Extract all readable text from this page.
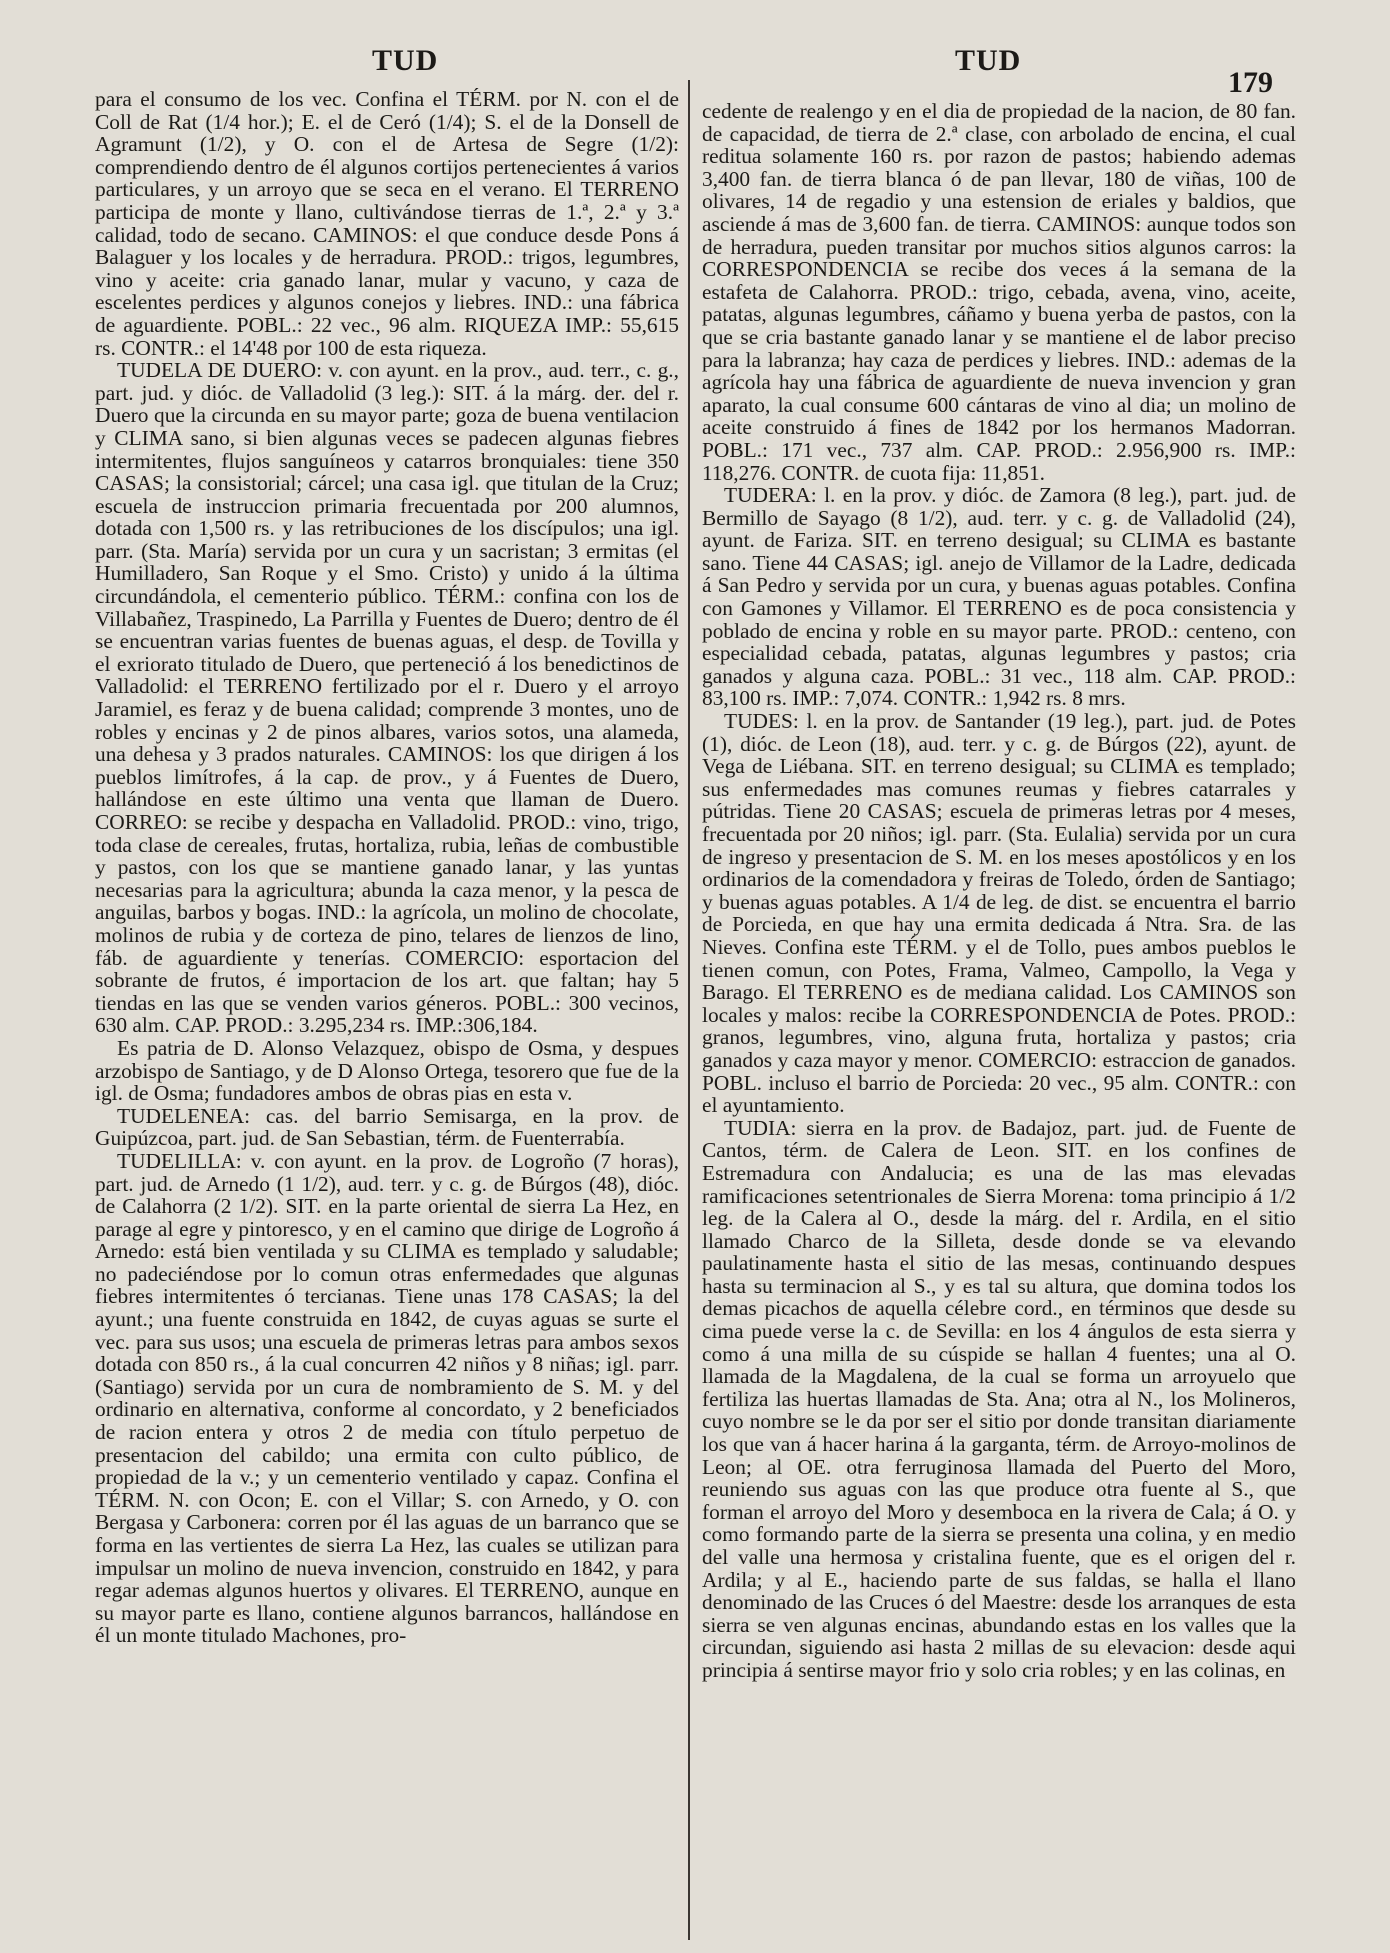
TUD	TUD
179

para el consumo de los vec. Confina el TÉRM. por N. con el de Coll de Rat (1/4 hor.); E. el de Ceró (1/4); S. el de la Donsell de Agramunt (1/2), y O. con el de Artesa de Segre (1/2): comprendiendo dentro de él algunos cortijos pertenecientes á varios particulares, y un arroyo que se seca en el verano. El TERRENO participa de monte y llano, cultivándose tierras de 1.ª, 2.ª y 3.ª calidad, todo de secano. CAMINOS: el que conduce desde Pons á Balaguer y los locales y de herradura. PROD.: trigos, legumbres, vino y aceite: cria ganado lanar, mular y vacuno, y caza de escelentes perdices y algunos conejos y liebres. IND.: una fábrica de aguardiente. POBL.: 22 vec., 96 alm. RIQUEZA IMP.: 55,615 rs. CONTR.: el 14'48 por 100 de esta riqueza.

TUDELA DE DUERO: v. con ayunt. en la prov., aud. terr., c. g., part. jud. y dióc. de Valladolid (3 leg.): SIT. á la márg. der. del r. Duero que la circunda en su mayor parte; goza de buena ventilacion y CLIMA sano, si bien algunas veces se padecen algunas fiebres intermitentes, flujos sanguíneos y catarros bronquiales: tiene 350 CASAS; la consistorial; cárcel; una casa igl. que titulan de la Cruz; escuela de instruccion primaria frecuentada por 200 alumnos, dotada con 1,500 rs. y las retribuciones de los discípulos; una igl. parr. (Sta. María) servida por un cura y un sacristan; 3 ermitas (el Humilladero, San Roque y el Smo. Cristo) y unido á la última circundándola, el cementerio público. TÉRM.: confina con los de Villabañez, Traspinedo, La Parrilla y Fuentes de Duero; dentro de él se encuentran varias fuentes de buenas aguas, el desp. de Tovilla y el exriorato titulado de Duero, que perteneció á los benedictinos de Valladolid: el TERRENO fertilizado por el r. Duero y el arroyo Jaramiel, es feraz y de buena calidad; comprende 3 montes, uno de robles y encinas y 2 de pinos albares, varios sotos, una alameda, una dehesa y 3 prados naturales. CAMINOS: los que dirigen á los pueblos limítrofes, á la cap. de prov., y á Fuentes de Duero, hallándose en este último una venta que llaman de Duero. CORREO: se recibe y despacha en Valladolid. PROD.: vino, trigo, toda clase de cereales, frutas, hortaliza, rubia, leñas de combustible y pastos, con los que se mantiene ganado lanar, y las yuntas necesarias para la agricultura; abunda la caza menor, y la pesca de anguilas, barbos y bogas. IND.: la agrícola, un molino de chocolate, molinos de rubia y de corteza de pino, telares de lienzos de lino, fáb. de aguardiente y tenerías. COMERCIO: esportacion del sobrante de frutos, é importacion de los art. que faltan; hay 5 tiendas en las que se venden varios géneros. POBL.: 300 vecinos, 630 alm. CAP. PROD.: 3.295,234 rs. IMP.:306,184.

Es patria de D. Alonso Velazquez, obispo de Osma, y despues arzobispo de Santiago, y de D Alonso Ortega, tesorero que fue de la igl. de Osma; fundadores ambos de obras pias en esta v.

TUDELENEA: cas. del barrio Semisarga, en la prov. de Guipúzcoa, part. jud. de San Sebastian, térm. de Fuenterrabía.

TUDELILLA: v. con ayunt. en la prov. de Logroño (7 horas), part. jud. de Arnedo (1 1/2), aud. terr. y c. g. de Búrgos (48), dióc. de Calahorra (2 1/2). SIT. en la parte oriental de sierra La Hez, en parage al egre y pintoresco, y en el camino que dirige de Logroño á Arnedo: está bien ventilada y su CLIMA es templado y saludable; no padeciéndose por lo comun otras enfermedades que algunas fiebres intermitentes ó tercianas. Tiene unas 178 CASAS; la del ayunt.; una fuente construida en 1842, de cuyas aguas se surte el vec. para sus usos; una escuela de primeras letras para ambos sexos dotada con 850 rs., á la cual concurren 42 niños y 8 niñas; igl. parr. (Santiago) servida por un cura de nombramiento de S. M. y del ordinario en alternativa, conforme al concordato, y 2 beneficiados de racion entera y otros 2 de media con título perpetuo de presentacion del cabildo; una ermita con culto público, de propiedad de la v.; y un cementerio ventilado y capaz. Confina el TÉRM. N. con Ocon; E. con el Villar; S. con Arnedo, y O. con Bergasa y Carbonera: corren por él las aguas de un barranco que se forma en las vertientes de sierra La Hez, las cuales se utilizan para impulsar un molino de nueva invencion, construido en 1842, y para regar ademas algunos huertos y olivares. El TERRENO, aunque en su mayor parte es llano, contiene algunos barrancos, hallándose en él un monte titulado Machones, pro-

cedente de realengo y en el dia de propiedad de la nacion, de 80 fan. de capacidad, de tierra de 2.ª clase, con arbolado de encina, el cual reditua solamente 160 rs. por razon de pastos; habiendo ademas 3,400 fan. de tierra blanca ó de pan llevar, 180 de viñas, 100 de olivares, 14 de regadio y una estension de eriales y baldios, que asciende á mas de 3,600 fan. de tierra. CAMINOS: aunque todos son de herradura, pueden transitar por muchos sitios algunos carros: la CORRESPONDENCIA se recibe dos veces á la semana de la estafeta de Calahorra. PROD.: trigo, cebada, avena, vino, aceite, patatas, algunas legumbres, cáñamo y buena yerba de pastos, con la que se cria bastante ganado lanar y se mantiene el de labor preciso para la labranza; hay caza de perdices y liebres. IND.: ademas de la agrícola hay una fábrica de aguardiente de nueva invencion y gran aparato, la cual consume 600 cántaras de vino al dia; un molino de aceite construido á fines de 1842 por los hermanos Madorran. POBL.: 171 vec., 737 alm. CAP. PROD.: 2.956,900 rs. IMP.: 118,276. CONTR. de cuota fija: 11,851.

TUDERA: l. en la prov. y dióc. de Zamora (8 leg.), part. jud. de Bermillo de Sayago (8 1/2), aud. terr. y c. g. de Valladolid (24), ayunt. de Fariza. SIT. en terreno desigual; su CLIMA es bastante sano. Tiene 44 CASAS; igl. anejo de Villamor de la Ladre, dedicada á San Pedro y servida por un cura, y buenas aguas potables. Confina con Gamones y Villamor. El TERRENO es de poca consistencia y poblado de encina y roble en su mayor parte. PROD.: centeno, con especialidad cebada, patatas, algunas legumbres y pastos; cria ganados y alguna caza. POBL.: 31 vec., 118 alm. CAP. PROD.: 83,100 rs. IMP.: 7,074. CONTR.: 1,942 rs. 8 mrs.

TUDES: l. en la prov. de Santander (19 leg.), part. jud. de Potes (1), dióc. de Leon (18), aud. terr. y c. g. de Búrgos (22), ayunt. de Vega de Liébana. SIT. en terreno desigual; su CLIMA es templado; sus enfermedades mas comunes reumas y fiebres catarrales y pútridas. Tiene 20 CASAS; escuela de primeras letras por 4 meses, frecuentada por 20 niños; igl. parr. (Sta. Eulalia) servida por un cura de ingreso y presentacion de S. M. en los meses apostólicos y en los ordinarios de la comendadora y freiras de Toledo, órden de Santiago; y buenas aguas potables. A 1/4 de leg. de dist. se encuentra el barrio de Porcieda, en que hay una ermita dedicada á Ntra. Sra. de las Nieves. Confina este TÉRM. y el de Tollo, pues ambos pueblos le tienen comun, con Potes, Frama, Valmeo, Campollo, la Vega y Barago. El TERRENO es de mediana calidad. Los CAMINOS son locales y malos: recibe la CORRESPONDENCIA de Potes. PROD.: granos, legumbres, vino, alguna fruta, hortaliza y pastos; cria ganados y caza mayor y menor. COMERCIO: estraccion de ganados. POBL. incluso el barrio de Porcieda: 20 vec., 95 alm. CONTR.: con el ayuntamiento.

TUDIA: sierra en la prov. de Badajoz, part. jud. de Fuente de Cantos, térm. de Calera de Leon. SIT. en los confines de Estremadura con Andalucia; es una de las mas elevadas ramificaciones setentrionales de Sierra Morena: toma principio á 1/2 leg. de la Calera al O., desde la márg. del r. Ardila, en el sitio llamado Charco de la Silleta, desde donde se va elevando paulatinamente hasta el sitio de las mesas, continuando despues hasta su terminacion al S., y es tal su altura, que domina todos los demas picachos de aquella célebre cord., en términos que desde su cima puede verse la c. de Sevilla: en los 4 ángulos de esta sierra y como á una milla de su cúspide se hallan 4 fuentes; una al O. llamada de la Magdalena, de la cual se forma un arroyuelo que fertiliza las huertas llamadas de Sta. Ana; otra al N., los Molineros, cuyo nombre se le da por ser el sitio por donde transitan diariamente los que van á hacer harina á la garganta, térm. de Arroyo-molinos de Leon; al OE. otra ferruginosa llamada del Puerto del Moro, reuniendo sus aguas con las que produce otra fuente al S., que forman el arroyo del Moro y desemboca en la rivera de Cala; á O. y como formando parte de la sierra se presenta una colina, y en medio del valle una hermosa y cristalina fuente, que es el origen del r. Ardila; y al E., haciendo parte de sus faldas, se halla el llano denominado de las Cruces ó del Maestre: desde los arranques de esta sierra se ven algunas encinas, abundando estas en los valles que la circundan, siguiendo asi hasta 2 millas de su elevacion: desde aqui principia á sentirse mayor frio y solo cria robles; y en las colinas, en
